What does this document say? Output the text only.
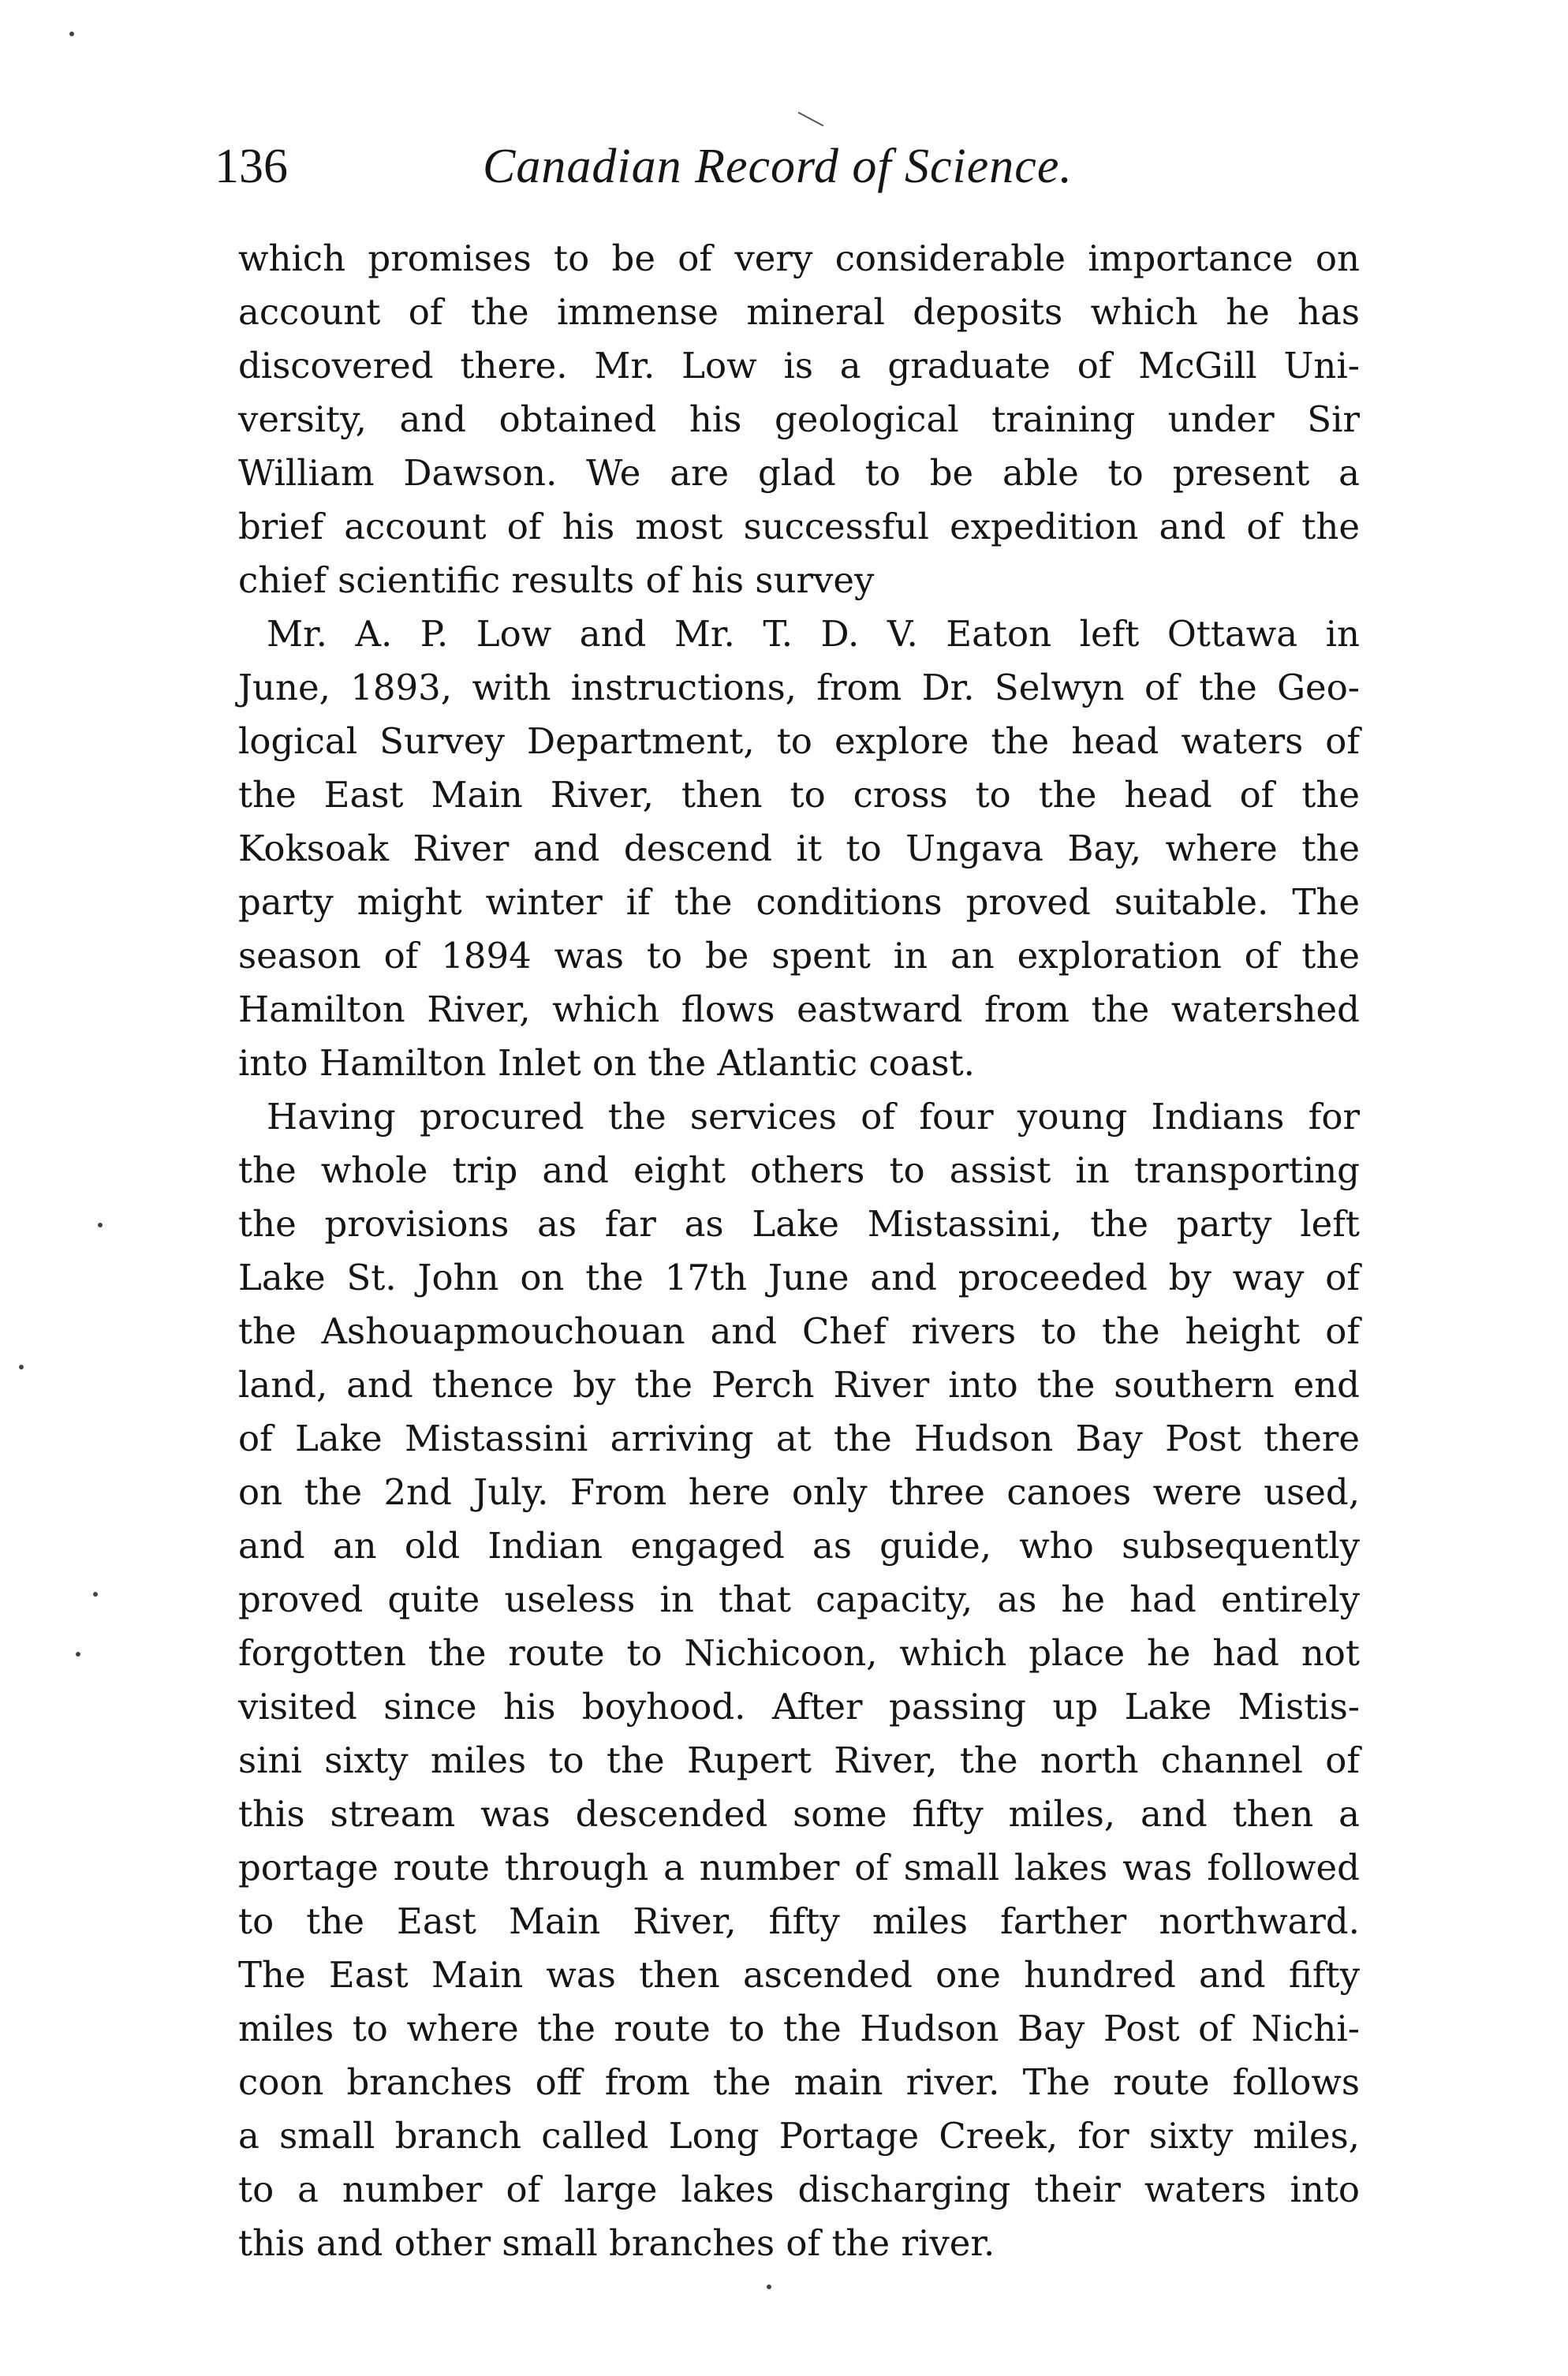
136	Canadian Record of Science.
which promises to be of very considerable importance on
account of the immense mineral deposits which he has
discovered there. Mr. Low is a graduate of McGill Uni-
versity, and obtained his geological training under Sir
William Dawson. We are glad to be able to present a
brief account of his most successful expedition and of the
chief scientific results of his survey
Mr. A. P. Low and Mr. T. D. V. Eaton left Ottawa in
June, 1893, with instructions, from Dr. Selwyn of the Geo-
logical Survey Department, to explore the head waters of
the East Main River, then to cross to the head of the
Koksoak River and descend it to Ungava Bay, where the
party might winter if the conditions proved suitable. The
season of 1894 was to be spent in an exploration of the
Hamilton River, which flows eastward from the watershed
into Hamilton Inlet on the Atlantic coast.
Having procured the services of four young Indians for
the whole trip and eight others to assist in transporting
the provisions as far as Lake Mistassini, the party left
Lake St. John on the 17th June and proceeded by way of
the Ashouapmouchouan and Chef rivers to the height of
land, and thence by the Perch River into the southern end
of Lake Mistassini arriving at the Hudson Bay Post there
on the 2nd July. From here only three canoes were used,
and an old Indian engaged as guide, who subsequently
proved quite useless in that capacity, as he had entirely
forgotten the route to Nichicoon, which place he had not
visited since his boyhood. After passing up Lake Mistis-
sini sixty miles to the Rupert River, the north channel of
this stream was descended some fifty miles, and then a
portage route through a number of small lakes was followed
to the East Main River, fifty miles farther northward.
The East Main was then ascended one hundred and fifty
miles to where the route to the Hudson Bay Post of Nichi-
coon branches off from the main river. The route follows
a small branch called Long Portage Creek, for sixty miles,
to a number of large lakes discharging their waters into
this and other small branches of the river.
